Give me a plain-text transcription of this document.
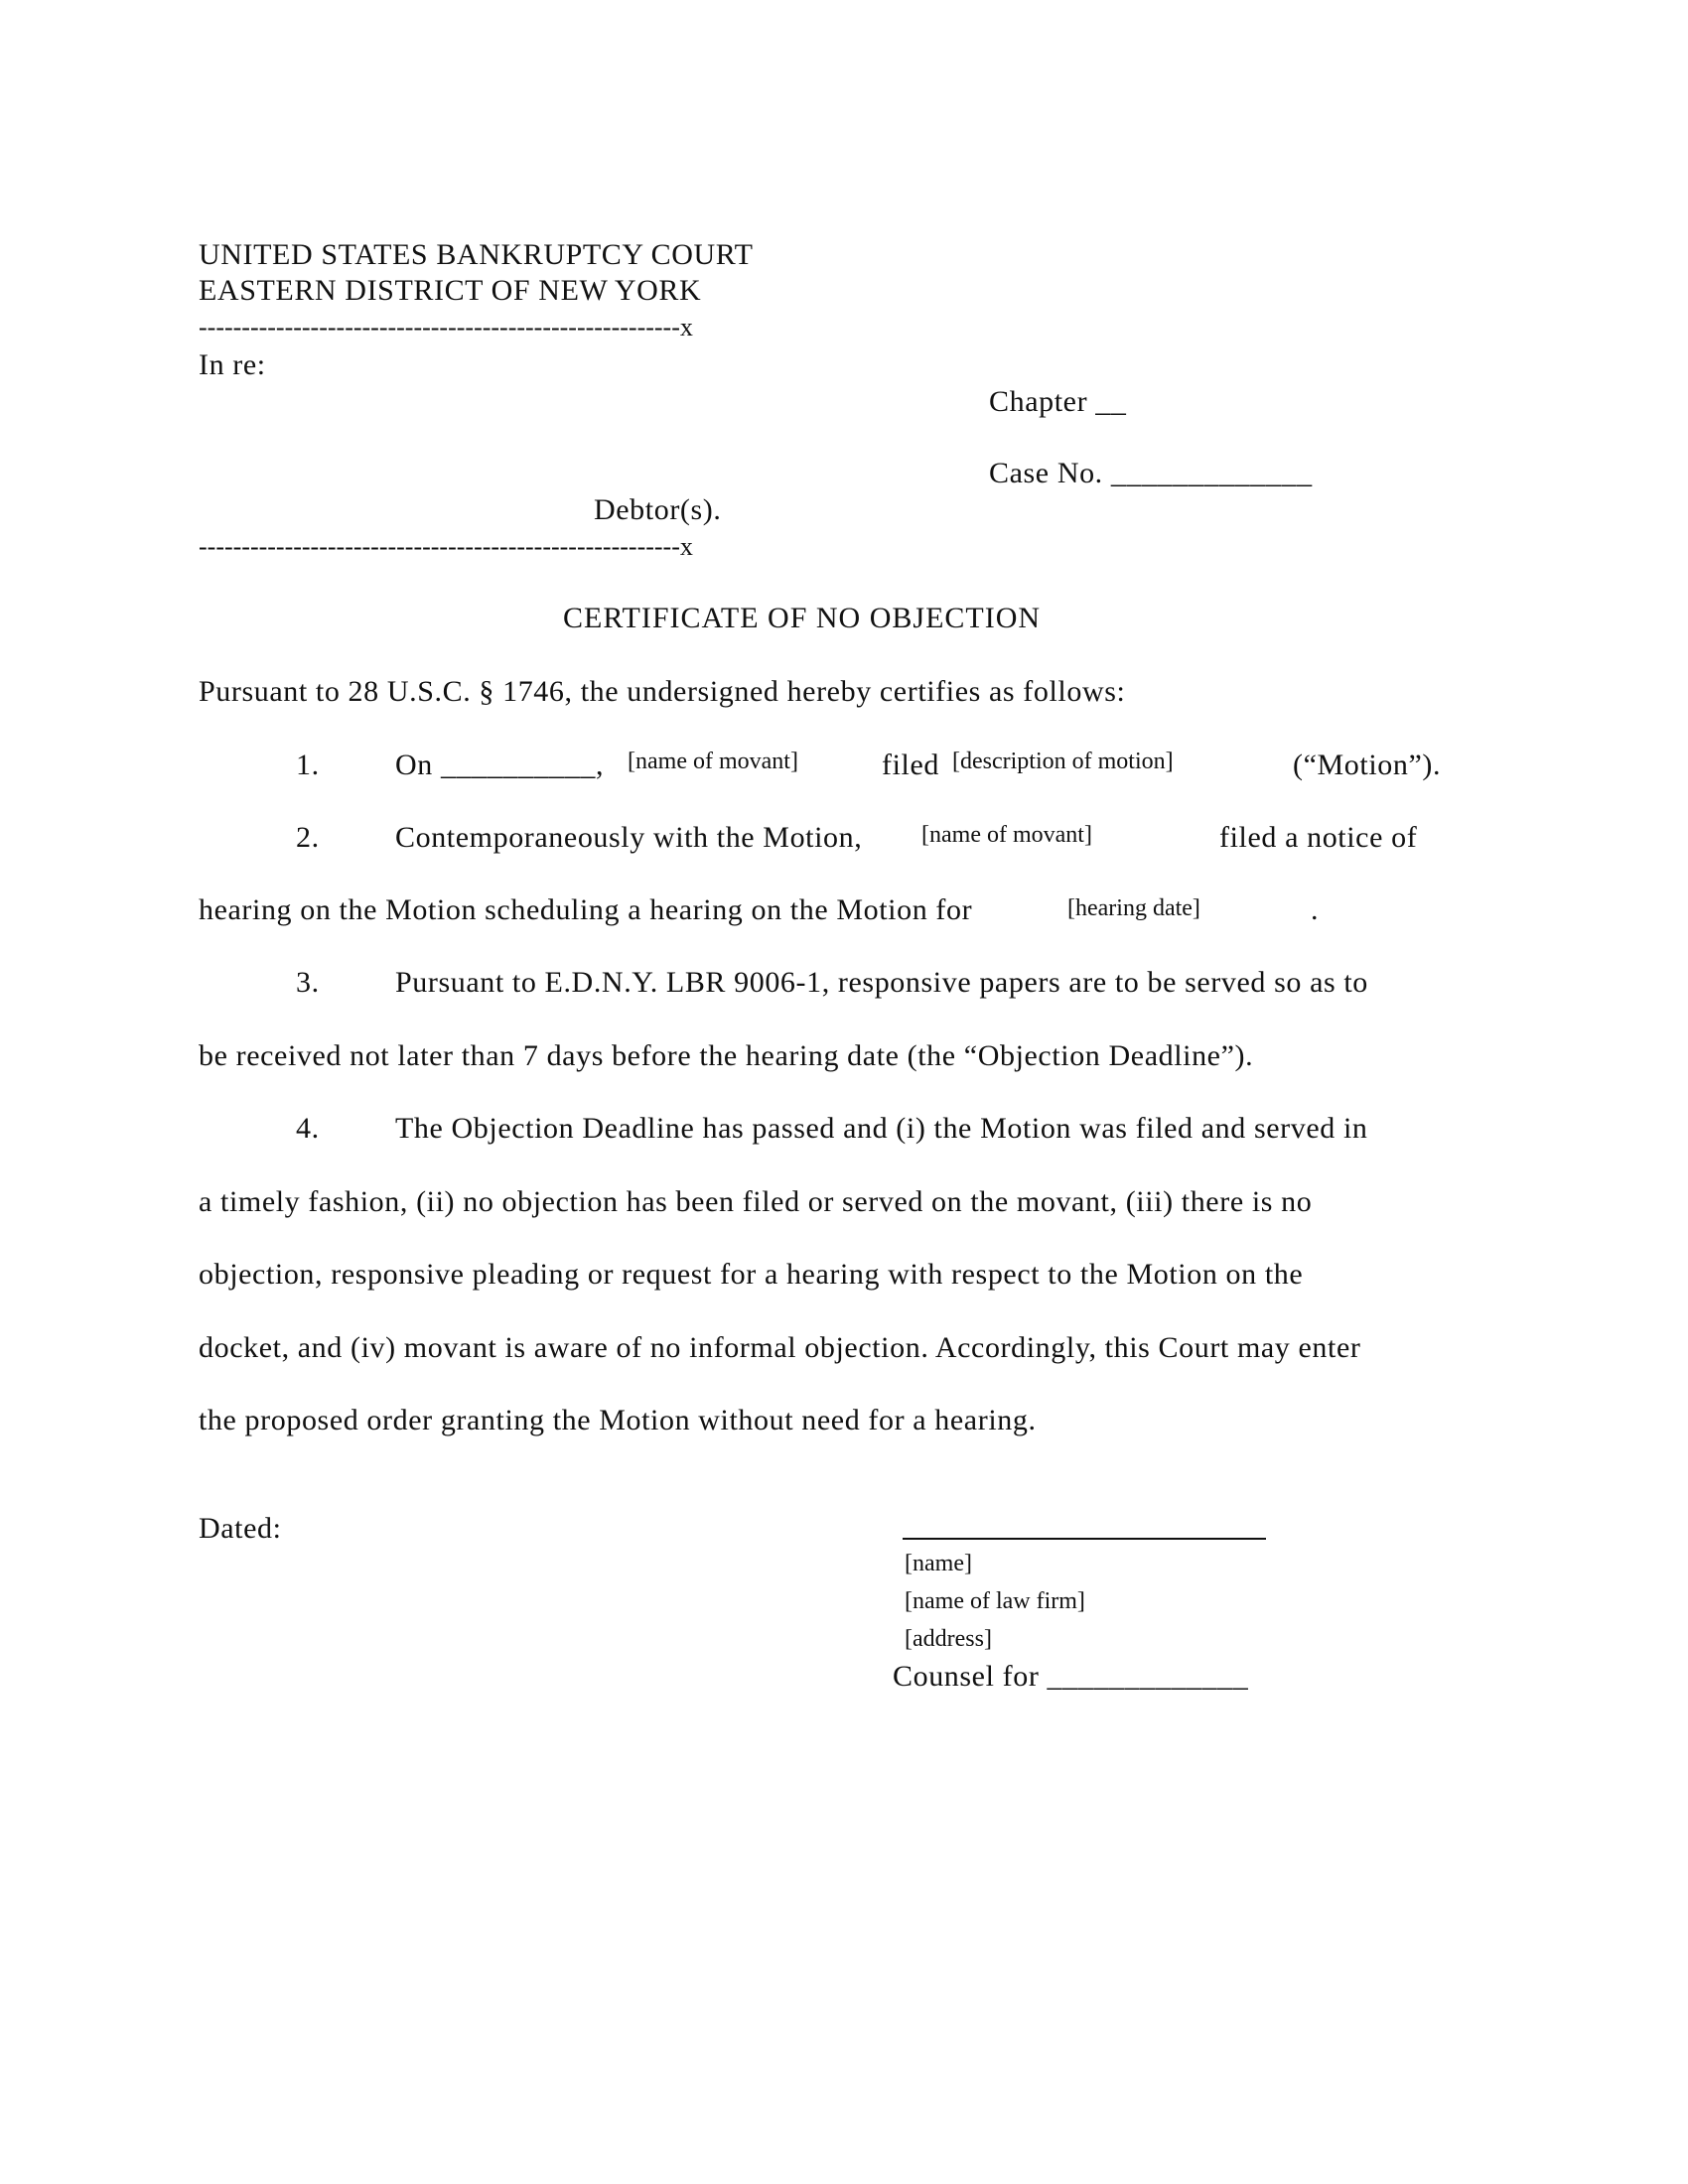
UNITED STATES BANKRUPTCY COURT
EASTERN DISTRICT OF NEW YORK
--------------------------------------------------------x
In re:
Chapter __
Case No. _____________
Debtor(s).
--------------------------------------------------------x
CERTIFICATE OF NO OBJECTION
Pursuant to 28 U.S.C. § 1746, the undersigned hereby certifies as follows:
1.	On __________, [name of movant]	filed [description of motion]	(“Motion”).
2.	Contemporaneously with the Motion, [name of movant]	filed a notice of
hearing on the Motion scheduling a hearing on the Motion for	[hearing date]	.
3.	Pursuant to E.D.N.Y. LBR 9006-1, responsive papers are to be served so as to
be received not later than 7 days before the hearing date (the “Objection Deadline”).
4.	The Objection Deadline has passed and (i) the Motion was filed and served in
a timely fashion, (ii) no objection has been filed or served on the movant, (iii) there is no
objection, responsive pleading or request for a hearing with respect to the Motion on the
docket, and (iv) movant is aware of no informal objection. Accordingly, this Court may enter
the proposed order granting the Motion without need for a hearing.
Dated:
[name]
[name of law firm]
[address]
Counsel for _____________
